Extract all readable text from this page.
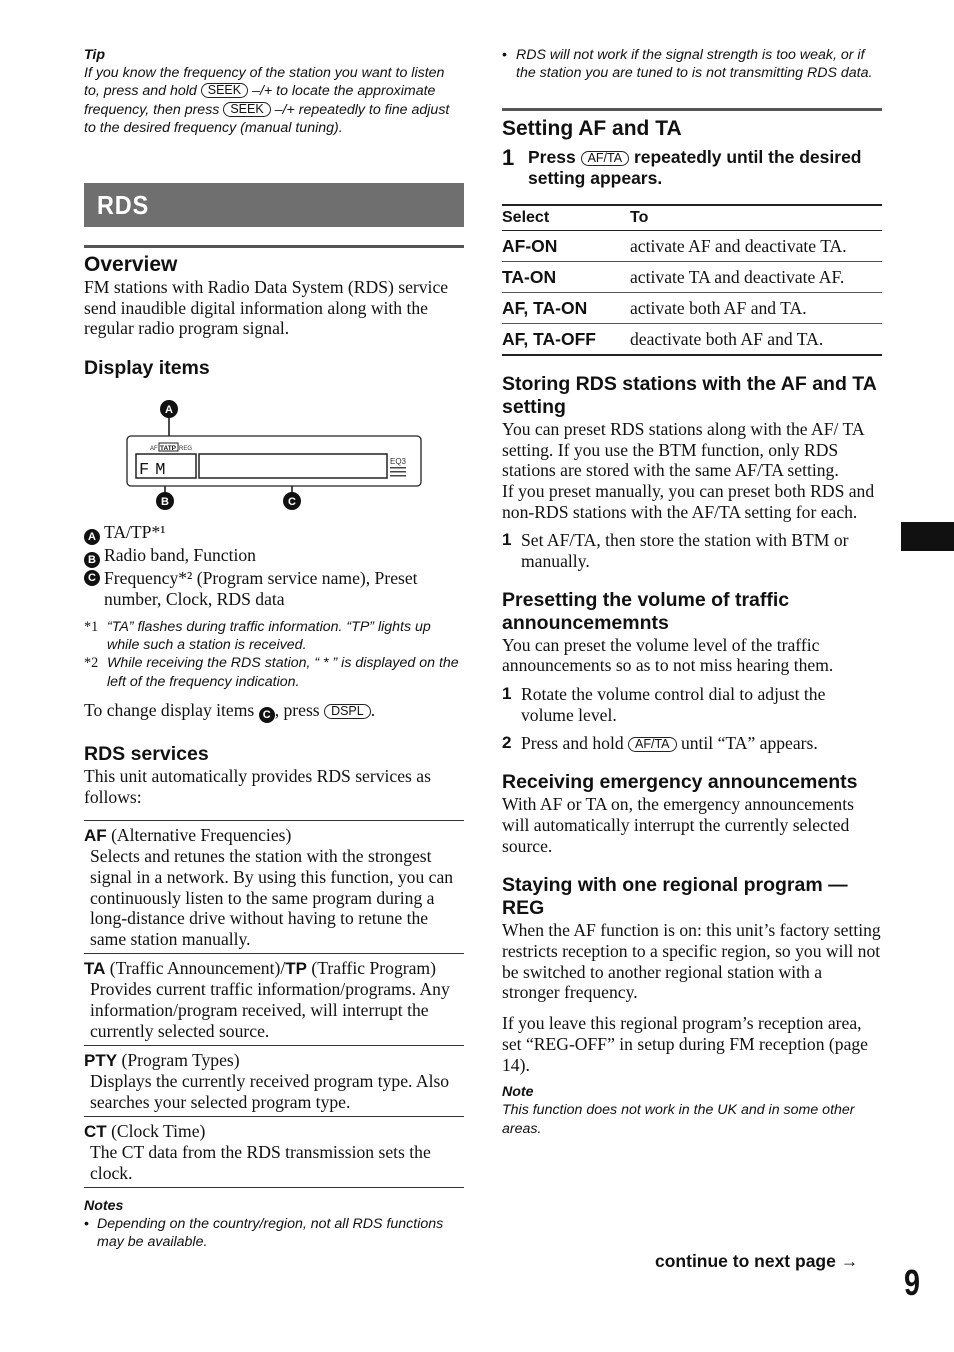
Tip
If you know the frequency of the station you want to listen to, press and hold SEEK –/+ to locate the approximate frequency, then press SEEK –/+ repeatedly to fine adjust to the desired frequency (manual tuning).
RDS
Overview
FM stations with Radio Data System (RDS) service send inaudible digital information along with the regular radio program signal.
Display items
AF TATP REG
FM	EQ3
A
B	C
A TA/TP*¹
B Radio band, Function
C Frequency*² (Program service name), Preset number, Clock, RDS data
*1 “TA” flashes during traffic information. “TP” lights up while such a station is received.
*2 While receiving the RDS station, “ * ” is displayed on the left of the frequency indication.
To change display items C , press DSPL .
RDS services
This unit automatically provides RDS services as follows:
AF (Alternative Frequencies)
Selects and retunes the station with the strongest signal in a network. By using this function, you can continuously listen to the same program during a long-distance drive without having to retune the same station manually.
TA (Traffic Announcement)/TP (Traffic Program)
Provides current traffic information/programs. Any information/program received, will interrupt the currently selected source.
PTY (Program Types)
Displays the currently received program type. Also searches your selected program type.
CT (Clock Time)
The CT data from the RDS transmission sets the clock.
Notes
• Depending on the country/region, not all RDS functions may be available.
• RDS will not work if the signal strength is too weak, or if the station you are tuned to is not transmitting RDS data.
Setting AF and TA
1 Press AF/TA repeatedly until the desired setting appears.
Select	To
AF-ON	activate AF and deactivate TA.
TA-ON	activate TA and deactivate AF.
AF, TA-ON	activate both AF and TA.
AF, TA-OFF	deactivate both AF and TA.
Storing RDS stations with the AF and TA setting
You can preset RDS stations along with the AF/ TA setting. If you use the BTM function, only RDS stations are stored with the same AF/TA setting.
If you preset manually, you can preset both RDS and non-RDS stations with the AF/TA setting for each.
1 Set AF/TA, then store the station with BTM or manually.
Presetting the volume of traffic announcememnts
You can preset the volume level of the traffic announcements so as to not miss hearing them.
1 Rotate the volume control dial to adjust the volume level.
2 Press and hold AF/TA until “TA” appears.
Receiving emergency announcements
With AF or TA on, the emergency announcements will automatically interrupt the currently selected source.
Staying with one regional program — REG
When the AF function is on: this unit’s factory setting restricts reception to a specific region, so you will not be switched to another regional station with a stronger frequency.
If you leave this regional program’s reception area, set “REG-OFF” in setup during FM reception (page 14).
Note
This function does not work in the UK and in some other areas.
continue to next page →
9
